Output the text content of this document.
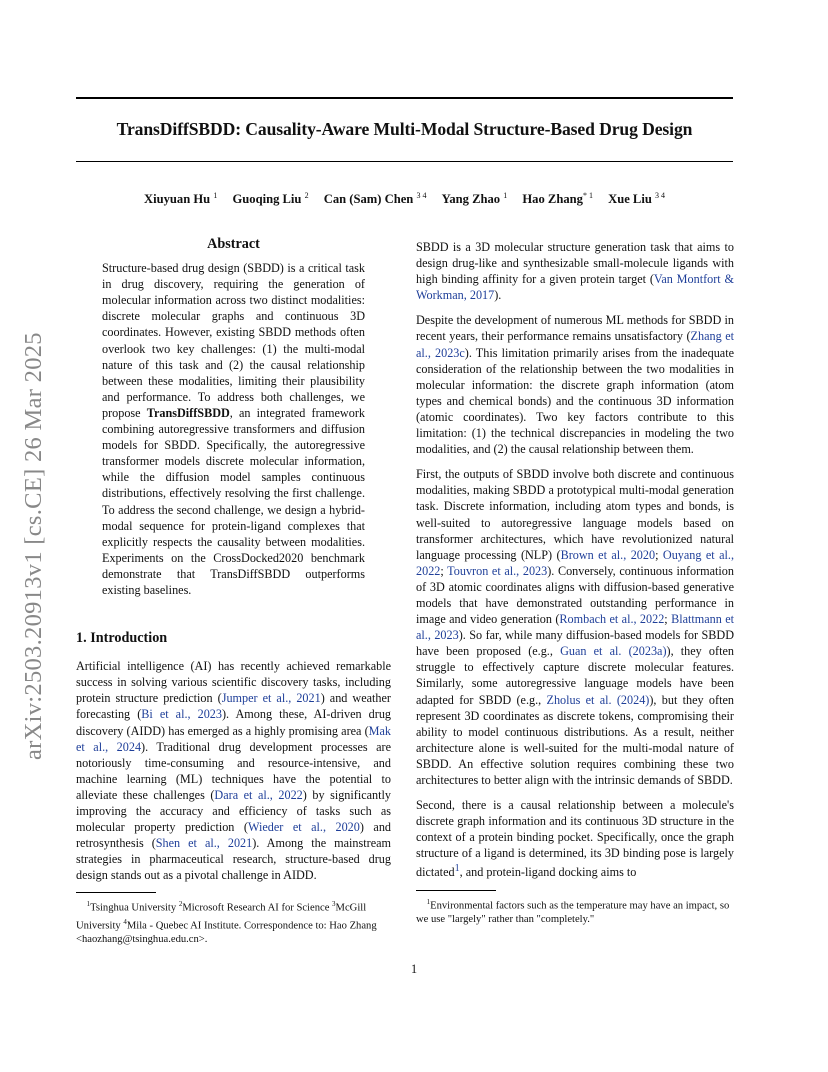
TransDiffSBDD: Causality-Aware Multi-Modal Structure-Based Drug Design
Xiuyuan Hu $^1$ Guoqing Liu $^2$ Can (Sam) Chen $^{3 4}$ Yang Zhao $^1$ Hao Zhang$^{* 1}$ Xue Liu $^{3 4}$
arXiv:2503.20913v1 [cs.CE] 26 Mar 2025
Abstract
Structure-based drug design (SBDD) is a critical task in drug discovery, requiring the generation of molecular information across two distinct modalities: discrete molecular graphs and continuous 3D coordinates. However, existing SBDD methods often overlook two key challenges: (1) the multi-modal nature of this task and (2) the causal relationship between these modalities, limiting their plausibility and performance. To address both challenges, we propose TransDiffSBDD, an integrated framework combining autoregressive transformers and diffusion models for SBDD. Specifically, the autoregressive transformer models discrete molecular information, while the diffusion model samples continuous distributions, effectively resolving the first challenge. To address the second challenge, we design a hybrid-modal sequence for protein-ligand complexes that explicitly respects the causality between modalities. Experiments on the CrossDocked2020 benchmark demonstrate that TransDiffSBDD outperforms existing baselines.
1. Introduction
Artificial intelligence (AI) has recently achieved remarkable success in solving various scientific discovery tasks, including protein structure prediction (Jumper et al., 2021) and weather forecasting (Bi et al., 2023). Among these, AI-driven drug discovery (AIDD) has emerged as a highly promising area (Mak et al., 2024). Traditional drug development processes are notoriously time-consuming and resource-intensive, and machine learning (ML) techniques have the potential to alleviate these challenges (Dara et al., 2022) by significantly improving the accuracy and efficiency of tasks such as molecular property prediction (Wieder et al., 2020) and retrosynthesis (Shen et al., 2021). Among the mainstream strategies in pharmaceutical research, structure-based drug design stands out as a pivotal challenge in AIDD.
$^1$Tsinghua University $^2$Microsoft Research AI for Science $^3$McGill University $^4$Mila - Quebec AI Institute. Correspondence to: Hao Zhang <haozhang@tsinghua.edu.cn>.
SBDD is a 3D molecular structure generation task that aims to design drug-like and synthesizable small-molecule ligands with high binding affinity for a given protein target (Van Montfort & Workman, 2017).
Despite the development of numerous ML methods for SBDD in recent years, their performance remains unsatisfactory (Zhang et al., 2023c). This limitation primarily arises from the inadequate consideration of the relationship between the two modalities in molecular information: the discrete graph information (atom types and chemical bonds) and the continuous 3D information (atomic coordinates). Two key factors contribute to this limitation: (1) the technical discrepancies in modeling the two modalities, and (2) the causal relationship between them.
First, the outputs of SBDD involve both discrete and continuous modalities, making SBDD a prototypical multi-modal generation task. Discrete information, including atom types and bonds, is well-suited to autoregressive language models based on transformer architectures, which have revolutionized natural language processing (NLP) (Brown et al., 2020; Ouyang et al., 2022; Touvron et al., 2023). Conversely, continuous information of 3D atomic coordinates aligns with diffusion-based generative models that have demonstrated outstanding performance in image and video generation (Rombach et al., 2022; Blattmann et al., 2023). So far, while many diffusion-based models for SBDD have been proposed (e.g., Guan et al. (2023a)), they often struggle to effectively capture discrete molecular features. Similarly, some autoregressive language models have been adapted for SBDD (e.g., Zholus et al. (2024)), but they often represent 3D coordinates as discrete tokens, compromising their ability to model continuous distributions. As a result, neither architecture alone is well-suited for the multi-modal nature of SBDD. An effective solution requires combining these two architectures to better align with the intrinsic demands of SBDD.
Second, there is a causal relationship between a molecule's discrete graph information and its continuous 3D structure in the context of a protein binding pocket. Specifically, once the graph structure of a ligand is determined, its 3D binding pose is largely dictated$^1$, and protein-ligand docking aims to
$^1$Environmental factors such as the temperature may have an impact, so we use "largely" rather than "completely."
1
